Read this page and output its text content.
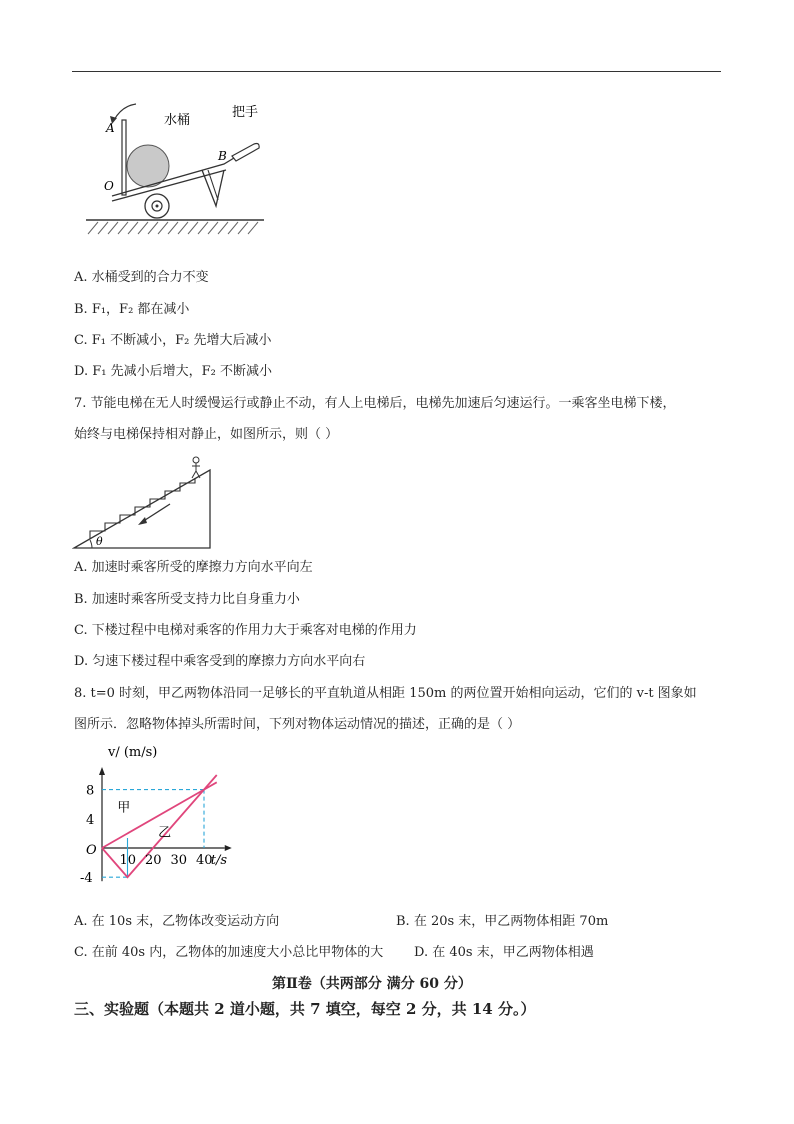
A
O
B
水桶
把手
A. 水桶受到的合力不变
B. F₁，F₂ 都在减小
C. F₁ 不断减小，F₂ 先增大后减小
D. F₁ 先减小后增大，F₂ 不断减小
7. 节能电梯在无人时缓慢运行或静止不动，有人上电梯后，电梯先加速后匀速运行。一乘客坐电梯下楼，
始终与电梯保持相对静止，如图所示，则（ ）
θ
A. 加速时乘客所受的摩擦力方向水平向左
B. 加速时乘客所受支持力比自身重力小
C. 下楼过程中电梯对乘客的作用力大于乘客对电梯的作用力
D. 匀速下楼过程中乘客受到的摩擦力方向水平向右
8. t=0 时刻，甲乙两物体沿同一足够长的平直轨道从相距 150m 的两位置开始相向运动，它们的 v-t 图象如
图所示．忽略物体掉头所需时间，下列对物体运动情况的描述，正确的是（ ）
甲
乙
10 20 30 40
8
4
-4
O
t/s
v/ (m/s)
A. 在 10s 末，乙物体改变运动方向	B. 在 20s 末，甲乙两物体相距 70m
C. 在前 40s 内，乙物体的加速度大小总比甲物体的大 D. 在 40s 末，甲乙两物体相遇
第Ⅱ卷（共两部分 满分 60 分）
三、实验题（本题共 2 道小题，共 7 填空，每空 2 分，共 14 分。）
